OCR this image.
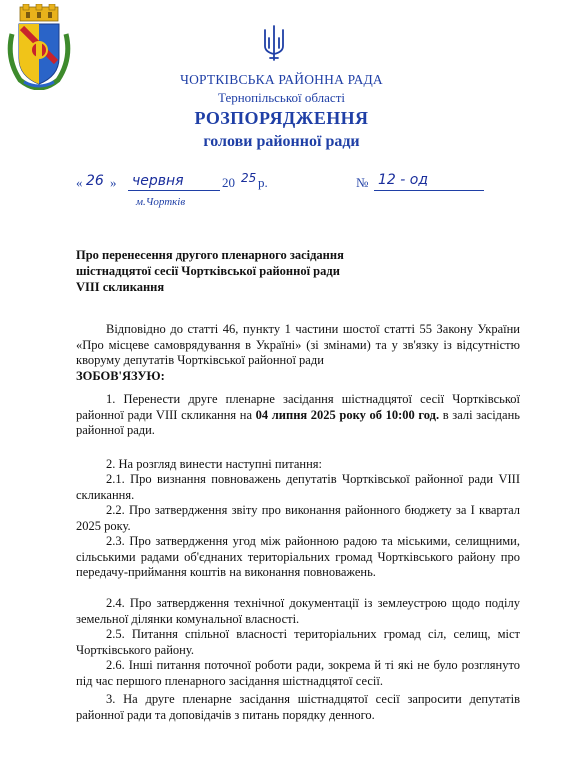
ЧОРТКІВСЬКА РАЙОННА РАДА
Тернопільської області
РОЗПОРЯДЖЕННЯ
голови районної ради
« 26 » червня	20 25 р.
м.Чортків
№ 12 - од
Про перенесення другого пленарного засідання
шістнадцятої сесії Чортківської районної ради
VIII скликання
Відповідно до статті 46, пункту 1 частини шостої статті 55 Закону України «Про місцеве самоврядування в Україні» (зі змінами) та у зв'язку із відсутністю кворуму депутатів Чортківської районної ради
ЗОБОВ'ЯЗУЮ:
1. Перенести друге пленарне засідання шістнадцятої сесії Чортківської районної ради VIII скликання на 04 липня 2025 року об 10:00 год. в залі засідань районної ради.
2. На розгляд винести наступні питання:
2.1. Про визнання повноважень депутатів Чортківської районної ради VIII скликання.
2.2. Про затвердження звіту про виконання районного бюджету за І квартал 2025 року.
2.3. Про затвердження угод між районною радою та міськими, селищними, сільськими радами об'єднаних територіальних громад Чортківського району про передачу-приймання коштів на виконання повноважень.
2.4. Про затвердження технічної документації із землеустрою щодо поділу земельної ділянки комунальної власності.
2.5. Питання спільної власності територіальних громад сіл, селищ, міст Чортківського району.
2.6. Інші питання поточної роботи ради, зокрема й ті які не було розглянуто під час першого пленарного засідання шістнадцятої сесії.
3. На друге пленарне засідання шістнадцятої сесії запросити депутатів районної ради та доповідачів з питань порядку денного.
